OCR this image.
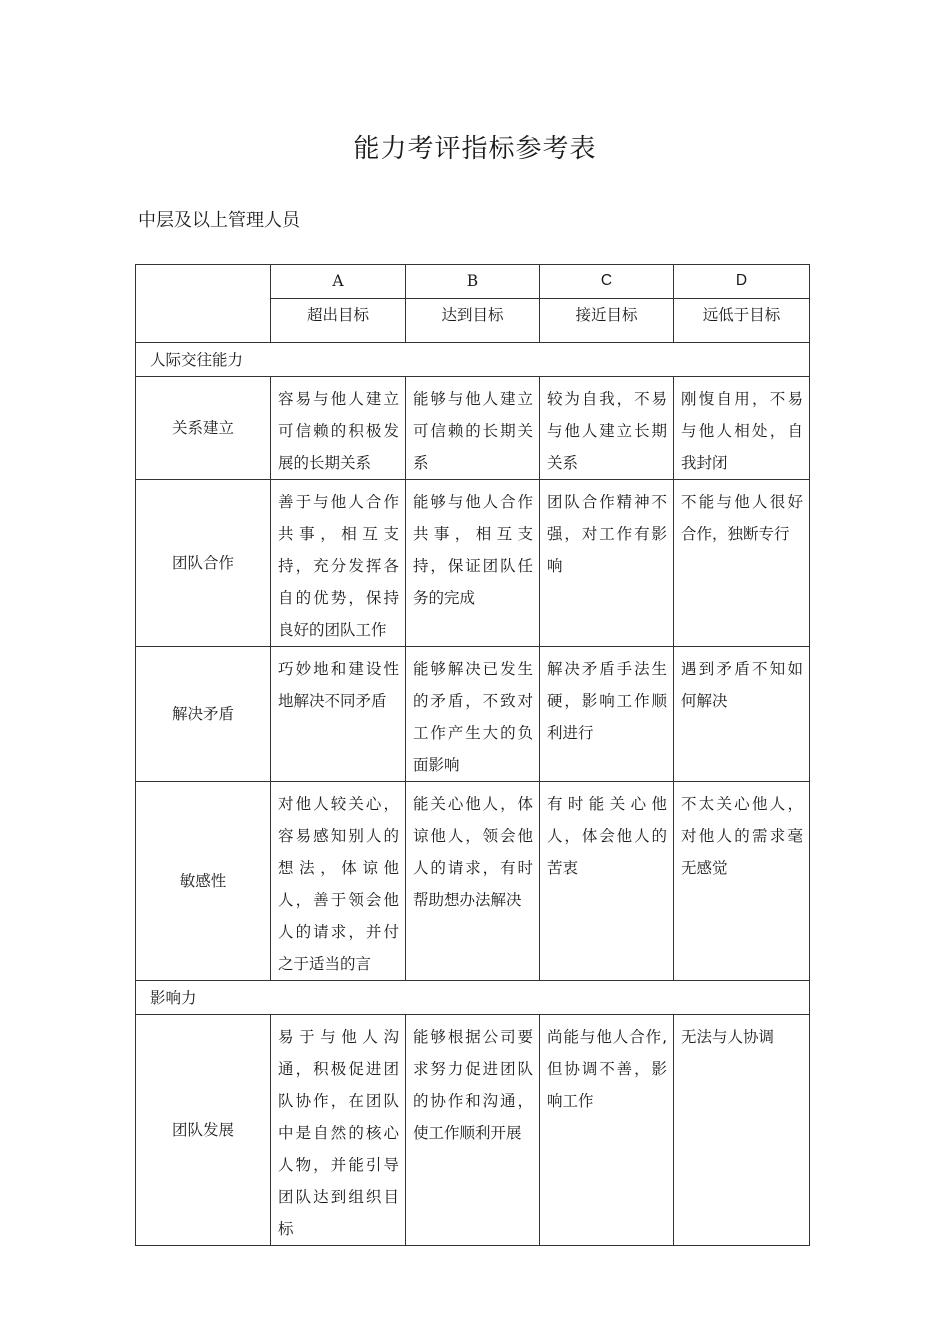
能力考评指标参考表
中层及以上管理人员
	A	B	C	D
	超出目标	达到目标	接近目标	远低于目标
人际交往能力				
关系建立	容易与他人建立可信赖的积极发展的长期关系	能够与他人建立可信赖的长期关系	较为自我，不易与他人建立长期关系	刚愎自用，不易与他人相处，自我封闭
团队合作	善于与他人合作共事，相互支持，充分发挥各自的优势，保持良好的团队工作	能够与他人合作共事，相互支持，保证团队任务的完成	团队合作精神不强，对工作有影响	不能与他人很好合作，独断专行
解决矛盾	巧妙地和建设性地解决不同矛盾	能够解决已发生的矛盾，不致对工作产生大的负面影响	解决矛盾手法生硬，影响工作顺利进行	遇到矛盾不知如何解决
敏感性	对他人较关心，容易感知别人的想法，体谅他人，善于领会他人的请求，并付之于适当的言	能关心他人，体谅他人，领会他人的请求，有时帮助想办法解决	有时能关心他人，体会他人的苦衷	不太关心他人，对他人的需求毫无感觉
影响力				
团队发展	易于与他人沟通，积极促进团队协作，在团队中是自然的核心人物，并能引导团队达到组织目标	能够根据公司要求努力促进团队的协作和沟通，使工作顺利开展	尚能与他人合作,但协调不善，影响工作	无法与人协调
